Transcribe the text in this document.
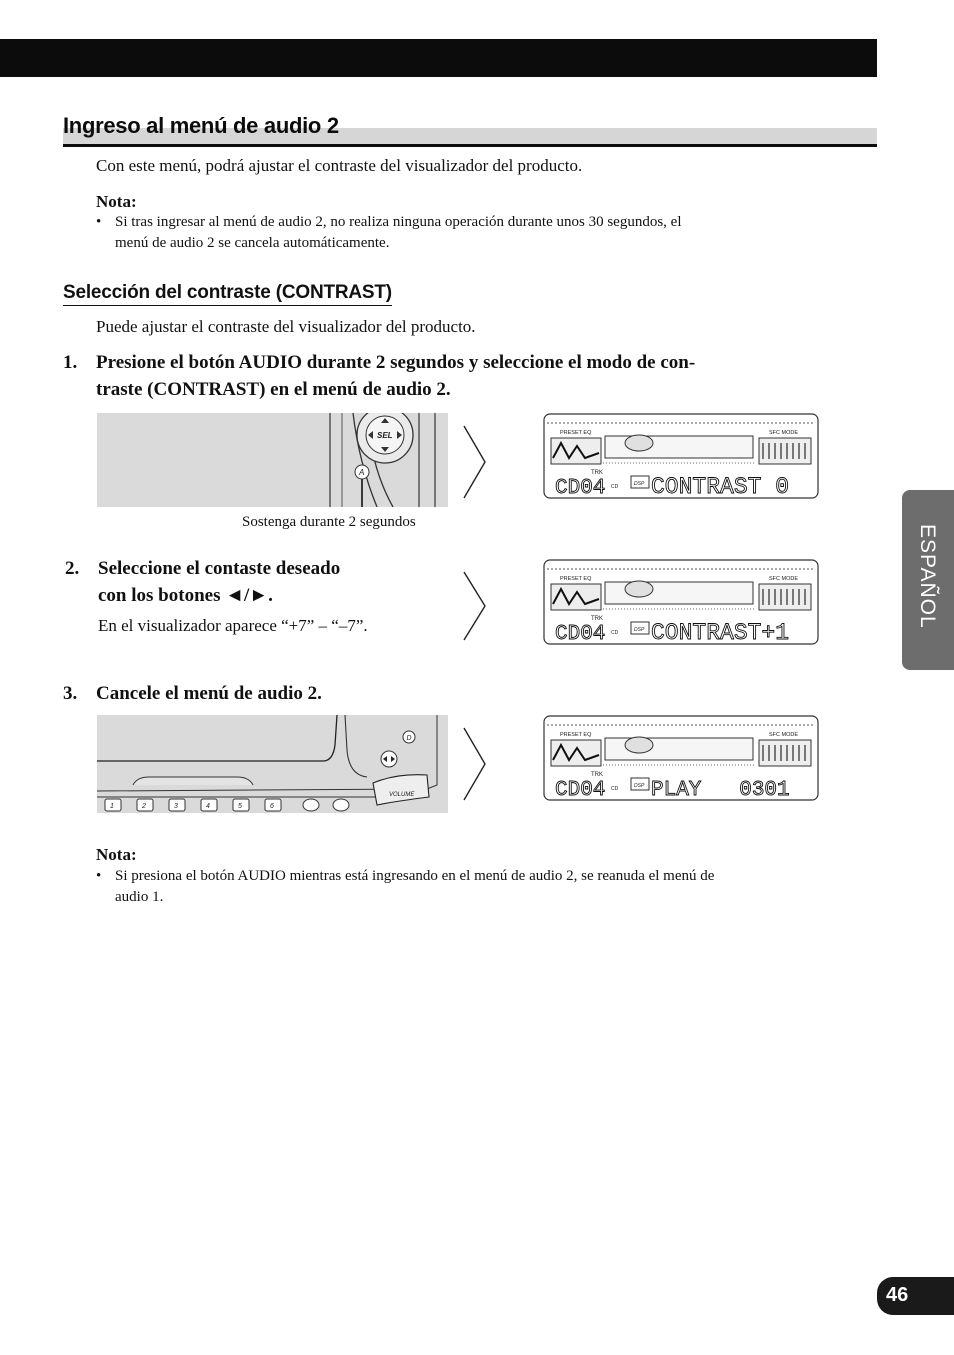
Ingreso al menú de audio 2
Con este menú, podrá ajustar el contraste del visualizador del producto.
Nota:
• Si tras ingresar al menú de audio 2, no realiza ninguna operación durante unos 30 segundos, el
menú de audio 2 se cancela automáticamente.
Selección del contraste (CONTRAST)
Puede ajustar el contraste del visualizador del producto.
1. Presione el botón AUDIO durante 2 segundos y seleccione el modo de con-
traste (CONTRAST) en el menú de audio 2.
SEL
A
Sostenga durante 2 segundos
PRESET EQ	SFC MODE
TRK
CD	DSP
CD04 CONTRAST 0
2. Seleccione el contaste deseado
con los botones ◄/►.
En el visualizador aparece “+7” – “–7”.
PRESET EQ	SFC MODE
TRK
CD	DSP
CD04 CONTRAST+1
3. Cancele el menú de audio 2.
D
VOLUME
1	2	3	4	5	6
PRESET EQ	SFC MODE
TRK
CD	DSP
CD04 PLAY   0301
Nota:
• Si presiona el botón AUDIO mientras está ingresando en el menú de audio 2, se reanuda el menú de
audio 1.
ESPAÑOL
46
